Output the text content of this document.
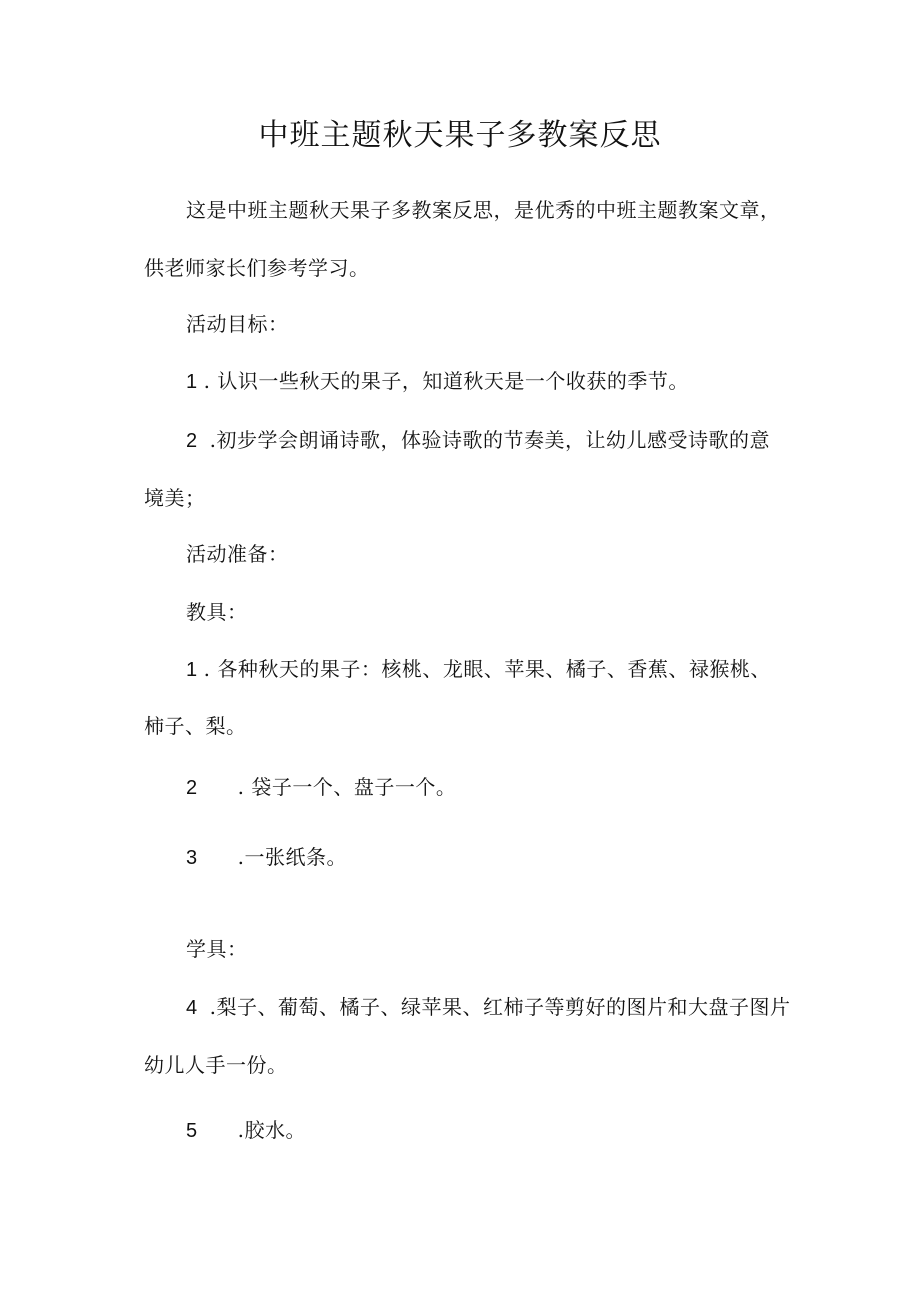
中班主题秋天果子多教案反思
这是中班主题秋天果子多教案反思，是优秀的中班主题教案文章，
供老师家长们参考学习。
活动目标：
1 . 认识一些秋天的果子，知道秋天是一个收获的季节。
2 .初步学会朗诵诗歌，体验诗歌的节奏美，让幼儿感受诗歌的意
境美；
活动准备：
教具：
1 . 各种秋天的果子：核桃、龙眼、苹果、橘子、香蕉、禄猴桃、
柿子、梨。
2 . 袋子一个、盘子一个。
3 .一张纸条。
学具：
4 .梨子、葡萄、橘子、绿苹果、红柿子等剪好的图片和大盘子图片
幼儿人手一份。
5 .胶水。
